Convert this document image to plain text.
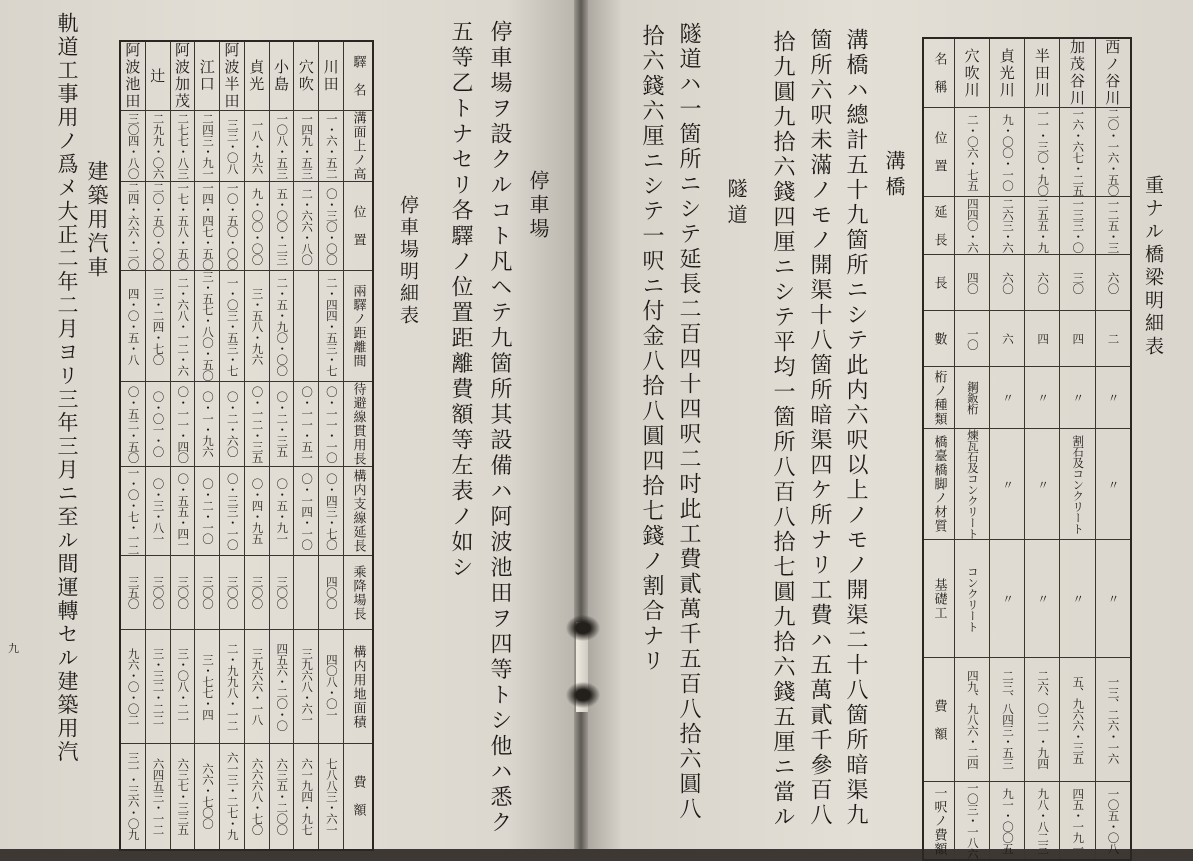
軌道工事用ノ爲メ大正二年二月ヨリ三年三月ニ至ル間運轉セル建築用汽 建築用汽車
九
阿波池田	辻	阿波加茂	江口	阿波半田	貞光	小島	穴吹	川田	驛　名
三〇四・八〇	二九九・〇六	二七七・八三	二四三・九一	三三・〇八	一八・九六	一〇八・五三	一四九・五三	一・六・五二	溝面上ノ高
二四・六六・二〇	二〇・五〇・〇〇	一七・五八・五〇	一四・四七・五〇	一〇・五〇・〇〇	九・〇〇・〇〇	五・〇〇・二三	二・六六・八〇	〇・三〇・〇〇	位　置
四・〇・五・八	三・二四・七〇	二・六八・一二・六	三・五七・八〇・五〇	一・〇三・五三・七	三・五八・九六	二・五・九〇・〇〇		二・四四・五三・七	兩驛ノ距離間
〇・五二・五〇	〇・〇一・〇	〇・一一・四〇	〇・一・九六	〇・二・六〇	〇・一二・三五	〇・二・三五	〇・一一・五一	〇・一一・一〇	待避線貫用長
一・〇・七・一二	〇・三・八一	〇・五五・四一	〇・二・一〇	〇・三三・一〇	〇・四・九五	〇・五・九一	〇・一四・一〇	〇・四三・七〇	構内支線延長
三五〇	三〇〇	三〇〇	三〇〇	三〇〇	三〇〇	三〇〇		四〇〇	乘降場長
九六・〇・〇二	三・三二・二二	三・〇八・二一	三・七七・四	二・九九八・一二	三九六六・一八	四五六・二〇・〇	三九六八・六一	四〇八・〇一	構内用地面積
三一・三六・〇九	六四五三・一二	六三七・三三五	六六・七〇〇	六一三・二七・九	六六六八・七〇	六三五・二〇〇	六一九四・九七	七八八三・六一	費　額
停車場明細表 五等乙トナセリ各驛ノ位置距離費額等左表ノ如シ 停車場ヲ設クルコト凡ヘテ九箇所其設備ハ阿波池田ヲ四等トシ他ハ悉ク 停車場	拾六錢六厘ニシテ一呎ニ付金八拾八圓四拾七錢ノ割合ナリ 隧道ハ一箇所ニシテ延長二百四十四呎二吋此工費貳萬千五百八拾六圓八 隧道 拾九圓九拾六錢四厘ニシテ平均一箇所八百八拾七圓九拾六錢五厘ニ當ル 箇所六呎未滿ノモノ開渠十八箇所暗渠四ケ所ナリ工費ハ五萬貳千參百八 溝橋ハ總計五十九箇所ニシテ此内六呎以上ノモノ開渠二十八箇所暗渠九 溝橋
名　稱	穴吹川	貞光川	半田川	加茂谷川	西ノ谷川
位　置	二・〇六・七五	九・〇〇・一〇	一一・三〇・九〇	一六・六七・二五	二〇・一六・五〇
延　長	四四〇・六	二六三・六	二五五・九	一三三・〇	一二五・三
長	四〇	六〇	六〇	三〇	六〇
數	一〇	六	四	四	二
桁ノ種類	鋼鈑桁	〃	〃	〃	〃
橋臺橋脚ノ材質	煉瓦石及コンクリート	〃	〃	割石及コンクリート	〃
基礎工	コンクリート	〃	〃	〃	〃
費　額	四九、九八六・二四	二三、八四三・五三	二六、〇二一・九四	五、九六六・三五	一三、二六・一六
一呎ノ費額	一〇三・一八六	九一・〇〇五	九八・八二三	四五・一九一	一〇五・〇八
重ナル橋梁明細表
